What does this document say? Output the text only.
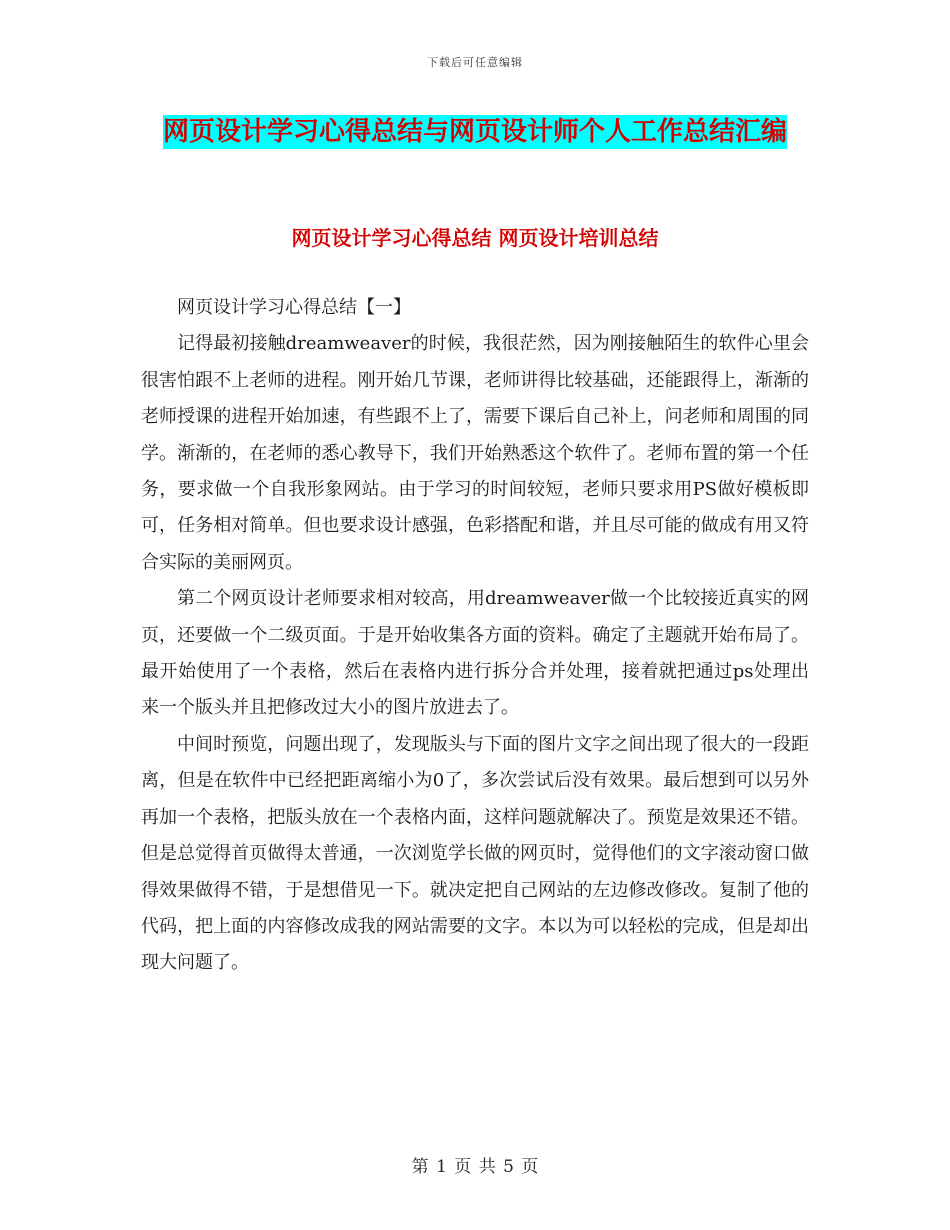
下载后可任意编辑
网页设计学习心得总结与网页设计师个人工作总结汇编
网页设计学习心得总结 网页设计培训总结

网页设计学习心得总结【一】

记得最初接触dreamweaver的时候，我很茫然，因为刚接触陌生的软件心里会很害怕跟不上老师的进程。刚开始几节课，老师讲得比较基础，还能跟得上，渐渐的老师授课的进程开始加速，有些跟不上了，需要下课后自己补上，问老师和周围的同学。渐渐的，在老师的悉心教导下，我们开始熟悉这个软件了。老师布置的第一个任务，要求做一个自我形象网站。由于学习的时间较短，老师只要求用PS做好模板即可，任务相对简单。但也要求设计感强，色彩搭配和谐，并且尽可能的做成有用又符合实际的美丽网页。

第二个网页设计老师要求相对较高，用dreamweaver做一个比较接近真实的网页，还要做一个二级页面。于是开始收集各方面的资料。确定了主题就开始布局了。最开始使用了一个表格，然后在表格内进行拆分合并处理，接着就把通过ps处理出来一个版头并且把修改过大小的图片放进去了。

中间时预览，问题出现了，发现版头与下面的图片文字之间出现了很大的一段距离，但是在软件中已经把距离缩小为0了，多次尝试后没有效果。最后想到可以另外再加一个表格，把版头放在一个表格内面，这样问题就解决了。预览是效果还不错。但是总觉得首页做得太普通，一次浏览学长做的网页时，觉得他们的文字滚动窗口做得效果做得不错，于是想借见一下。就决定把自己网站的左边修改修改。复制了他的代码，把上面的内容修改成我的网站需要的文字。本以为可以轻松的完成，但是却出现大问题了。

第 1 页 共 5 页
